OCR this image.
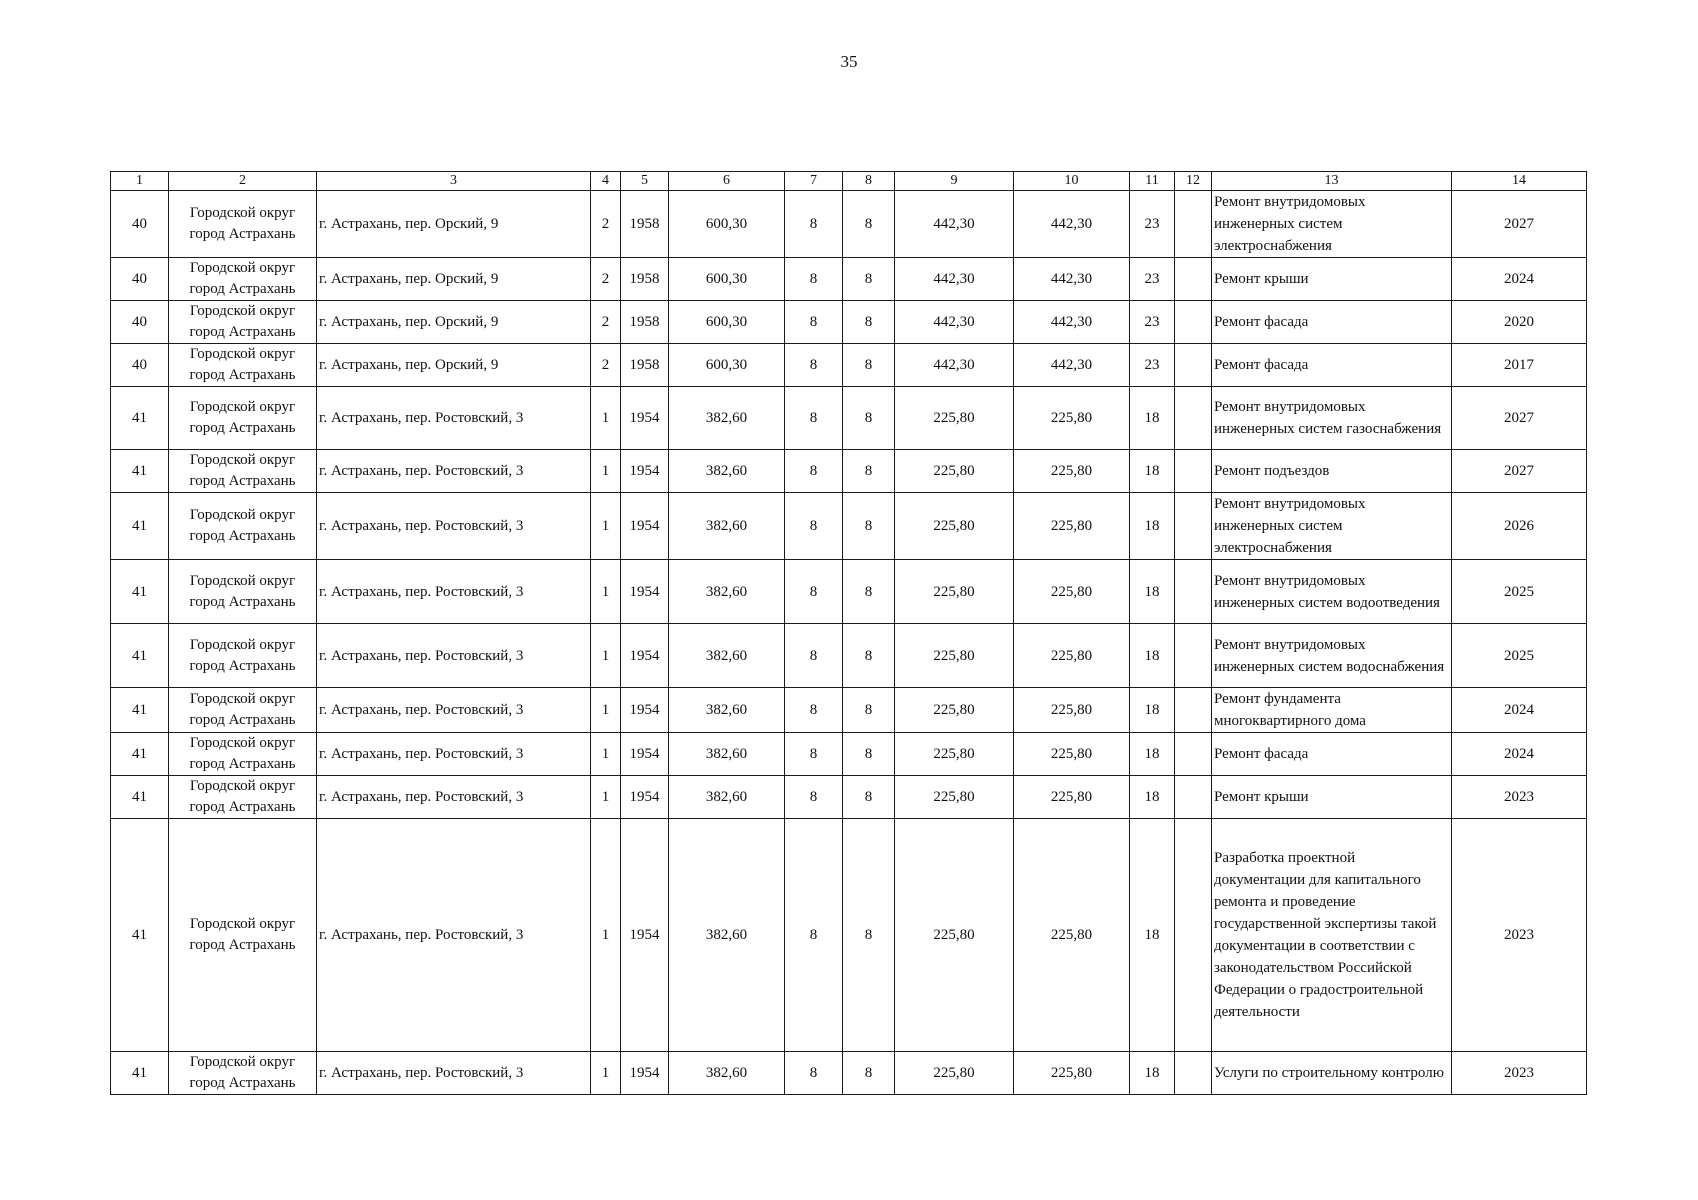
35
1	2	3	4	5	6	7	8	9	10	11	12	13	14
40	Городской округ город Астрахань	г. Астрахань, пер. Орский, 9	2	1958	600,30	8	8	442,30	442,30	23		Ремонт внутридомовых инженерных систем электроснабжения	2027
40	Городской округ город Астрахань	г. Астрахань, пер. Орский, 9	2	1958	600,30	8	8	442,30	442,30	23		Ремонт крыши	2024
40	Городской округ город Астрахань	г. Астрахань, пер. Орский, 9	2	1958	600,30	8	8	442,30	442,30	23		Ремонт фасада	2020
40	Городской округ город Астрахань	г. Астрахань, пер. Орский, 9	2	1958	600,30	8	8	442,30	442,30	23		Ремонт фасада	2017
41	Городской округ город Астрахань	г. Астрахань, пер. Ростовский, 3	1	1954	382,60	8	8	225,80	225,80	18		Ремонт внутридомовых инженерных систем газоснабжения	2027
41	Городской округ город Астрахань	г. Астрахань, пер. Ростовский, 3	1	1954	382,60	8	8	225,80	225,80	18		Ремонт подъездов	2027
41	Городской округ город Астрахань	г. Астрахань, пер. Ростовский, 3	1	1954	382,60	8	8	225,80	225,80	18		Ремонт внутридомовых инженерных систем электроснабжения	2026
41	Городской округ город Астрахань	г. Астрахань, пер. Ростовский, 3	1	1954	382,60	8	8	225,80	225,80	18		Ремонт внутридомовых инженерных систем водоотведения	2025
41	Городской округ город Астрахань	г. Астрахань, пер. Ростовский, 3	1	1954	382,60	8	8	225,80	225,80	18		Ремонт внутридомовых инженерных систем водоснабжения	2025
41	Городской округ город Астрахань	г. Астрахань, пер. Ростовский, 3	1	1954	382,60	8	8	225,80	225,80	18		Ремонт фундамента многоквартирного дома	2024
41	Городской округ город Астрахань	г. Астрахань, пер. Ростовский, 3	1	1954	382,60	8	8	225,80	225,80	18		Ремонт фасада	2024
41	Городской округ город Астрахань	г. Астрахань, пер. Ростовский, 3	1	1954	382,60	8	8	225,80	225,80	18		Ремонт крыши	2023
41	Городской округ город Астрахань	г. Астрахань, пер. Ростовский, 3	1	1954	382,60	8	8	225,80	225,80	18		Разработка проектной документации для капитального ремонта и проведение государственной экспертизы такой документации в соответствии с законодательством Российской Федерации о градостроительной деятельности	2023
41	Городской округ город Астрахань	г. Астрахань, пер. Ростовский, 3	1	1954	382,60	8	8	225,80	225,80	18		Услуги по строительному контролю	2023
